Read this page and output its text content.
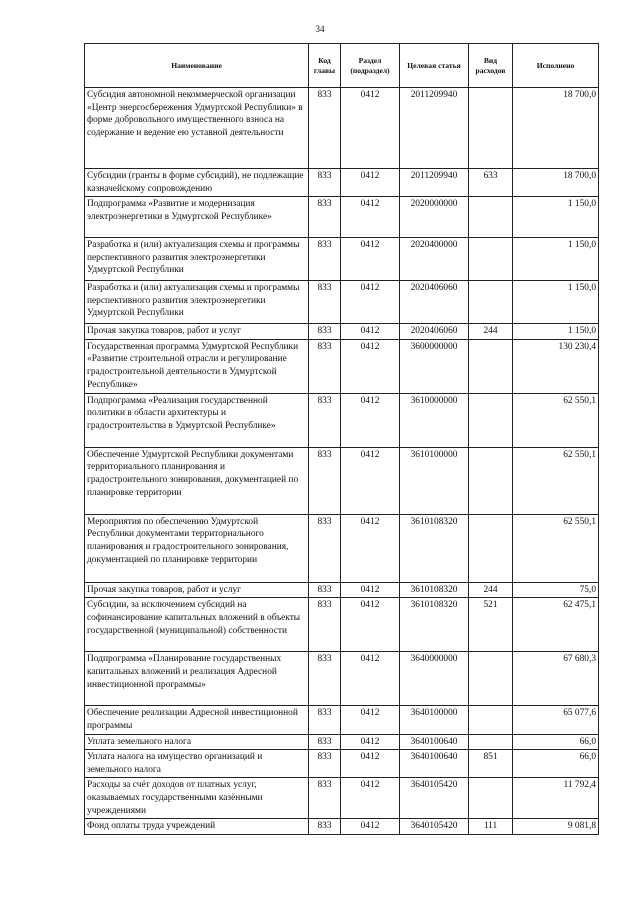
34
Наименование	Код главы	Раздел (подраздел)	Целевая статья	Вид расходов	Исполнено
Субсидия автономной некоммерческой организации «Центр энергосбережения Удмуртской Республики» в форме добровольного имущественного взноса на содержание и ведение ею уставной деятельности	833	0412	2011209940		18 700,0
Субсидии (гранты в форме субсидий), не подлежащие казначейскому сопровождению	833	0412	2011209940	633	18 700,0
Подпрограмма «Развитие и модернизация электроэнергетики в Удмуртской Республике»	833	0412	2020000000		1 150,0
Разработка и (или) актуализация схемы и программы перспективного развития электроэнергетики Удмуртской Республики	833	0412	2020400000		1 150,0
Разработка и (или) актуализация схемы и программы перспективного развития электроэнергетики Удмуртской Республики	833	0412	2020406060		1 150,0
Прочая закупка товаров, работ и услуг	833	0412	2020406060	244	1 150,0
Государственная программа Удмуртской Республики «Развитие строительной отрасли и регулирование градостроительной деятельности в Удмуртской Республике»	833	0412	3600000000		130 230,4
Подпрограмма «Реализация государственной политики в области архитектуры и градостроительства в Удмуртской Республике»	833	0412	3610000000		62 550,1
Обеспечение Удмуртской Республики документами территориального планирования и градостроительного зонирования, документацией по планировке территории	833	0412	3610100000		62 550,1
Мероприятия по обеспечению Удмуртской Республики документами территориального планирования и градостроительного зонирования, документацией по планировке территории	833	0412	3610108320		62 550,1
Прочая закупка товаров, работ и услуг	833	0412	3610108320	244	75,0
Субсидии, за исключением субсидий на софинансирование капитальных вложений в объекты государственной (муниципальной) собственности	833	0412	3610108320	521	62 475,1
Подпрограмма «Планирование государственных капитальных вложений и реализация Адресной инвестиционной программы»	833	0412	3640000000		67 680,3
Обеспечение реализации Адресной инвестиционной программы	833	0412	3640100000		65 077,6
Уплата земельного налога	833	0412	3640100640		66,0
Уплата налога на имущество организаций и земельного налога	833	0412	3640100640	851	66,0
Расходы за счёт доходов от платных услуг, оказываемых государственными казёнными учреждениями	833	0412	3640105420		11 792,4
Фонд оплаты труда учреждений	833	0412	3640105420	111	9 081,8
